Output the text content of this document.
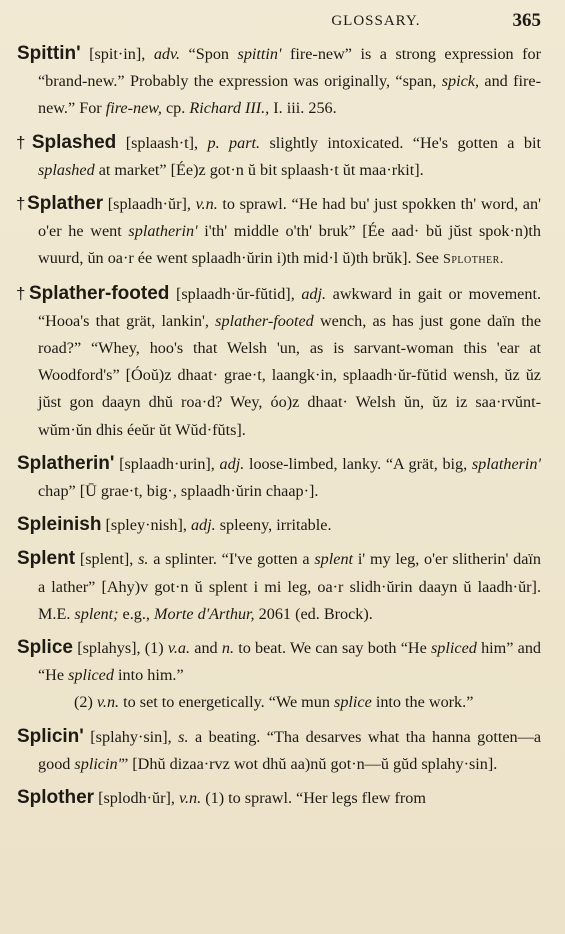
GLOSSARY.	365
Spittin' [spit·in], adv. “Spon spittin' fire-new” is a strong expression for “brand-new.” Probably the expression was originally, “span, spick, and fire-new.” For fire-new, cp. Richard III., I. iii. 256.
†Splashed [splaash·t], p. part. slightly intoxicated. “He's gotten a bit splashed at market” [Ée)z got·n ŭ bit splaash·t ŭt maa·rkit].
†Splather [splaadh·ŭr], v.n. to sprawl. “He had bu' just spokken th' word, an' o'er he went splatherin' i'th' middle o'th' bruk” [Ée aad· bŭ jŭst spok·n)th wuurd, ŭn oa·r ée went splaadh·ŭrin i)th mid·l ŭ)th brŭk]. See Splother.
†Splather-footed [splaadh·ŭr-fŭtid], adj. awkward in gait or movement. “Hooa's that grät, lankin', splather-footed wench, as has just gone daïn the road?” “Whey, hoo's that Welsh 'un, as is sarvant-woman this 'ear at Woodford's” [Óoŭ)z dhaat· grae·t, laangk·in, splaadh·ŭr-fŭtid wensh, ŭz ŭz jŭst gon daayn dhŭ roa·d? Wey, óo)z dhaat· Welsh ŭn, ŭz iz saa·rvŭnt-wŭm·ŭn dhis éeŭr ŭt Wŭd·fŭts].
Splatherin' [splaadh·urin], adj. loose-limbed, lanky. “A grät, big, splatherin' chap” [Ū grae·t, big·, splaadh·ŭrin chaap·].
Spleinish [spley·nish], adj. spleeny, irritable.
Splent [splent], s. a splinter. “I've gotten a splent i' my leg, o'er slitherin' daïn a lather” [Ahy)v got·n ŭ splent i mi leg, oa·r slidh·ŭrin daayn ŭ laadh·ŭr]. M.E. splent; e.g., Morte d'Arthur, 2061 (ed. Brock).
Splice [splahys], (1) v.a. and n. to beat. We can say both “He spliced him” and “He spliced into him.”
(2) v.n. to set to energetically. “We mun splice into the work.”
Splicin' [splahy·sin], s. a beating. “Tha desarves what tha hanna gotten—a good splicin'” [Dhŭ dizaa·rvz wot dhŭ aa)nŭ got·n—ŭ gŭd splahy·sin].
Splother [splodh·ŭr], v.n. (1) to sprawl. “Her legs flew from
